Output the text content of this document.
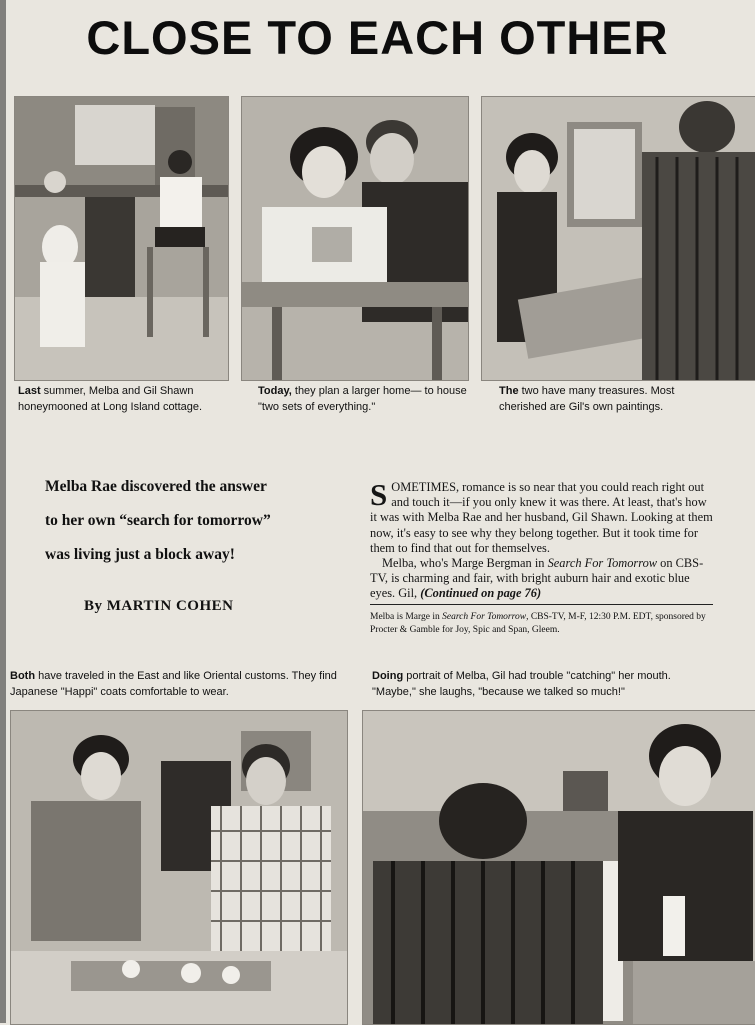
CLOSE TO EACH OTHER
Last summer, Melba and Gil Shawn honeymooned at Long Island cottage.
Today, they plan a larger home— to house "two sets of everything."
The two have many treasures. Most cherished are Gil's own paintings.
Melba Rae discovered the answer
to her own “search for tomorrow”
was living just a block away!
By MARTIN COHEN

SOMETIMES, romance is so near that you could reach right out and touch it—if you only knew it was there. At least, that's how it was with Melba Rae and her husband, Gil Shawn. Looking at them now, it's easy to see why they belong together. But it took time for them to find that out for themselves.

Melba, who's Marge Bergman in Search For Tomorrow on CBS-TV, is charming and fair, with bright auburn hair and exotic blue eyes. Gil, (Continued on page 76)

Melba is Marge in Search For Tomorrow, CBS-TV, M-F, 12:30 P.M. EDT, sponsored by Procter & Gamble for Joy, Spic and Span, Gleem.
Both have traveled in the East and like Oriental customs. They find Japanese "Happi" coats comfortable to wear.
Doing portrait of Melba, Gil had trouble "catching" her mouth. "Maybe," she laughs, "because we talked so much!"
